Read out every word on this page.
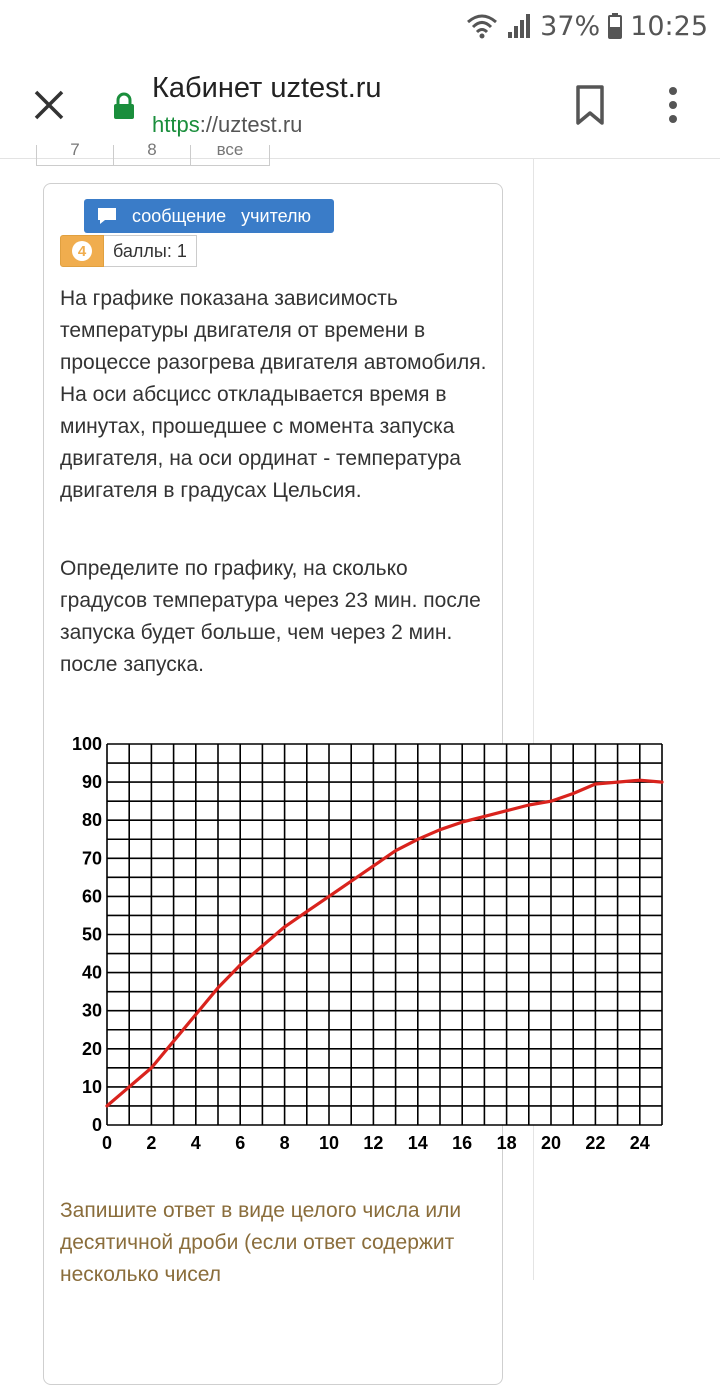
37% 10:25
Кабинет uztest.ru
https://uztest.ru
7	8	все
сообщение учителю
4	баллы: 1

На графике показана зависимость температуры двигателя от времени в процессе разогрева двигателя автомобиля. На оси абсцисс откладывается время в минутах, прошедшее с момента запуска двигателя, на оси ординат - температура двигателя в градусах Цельсия.

Определите по графику, на сколько градусов температура через 23 мин. после запуска будет больше, чем через 2 мин. после запуска.

0 2 4 6 8 10 12 14 16 18 20 22 24
0
10
20
30
40
50
60
70
80
90
100

Запишите ответ в виде целого числа или десятичной дроби (если ответ содержит несколько чисел
